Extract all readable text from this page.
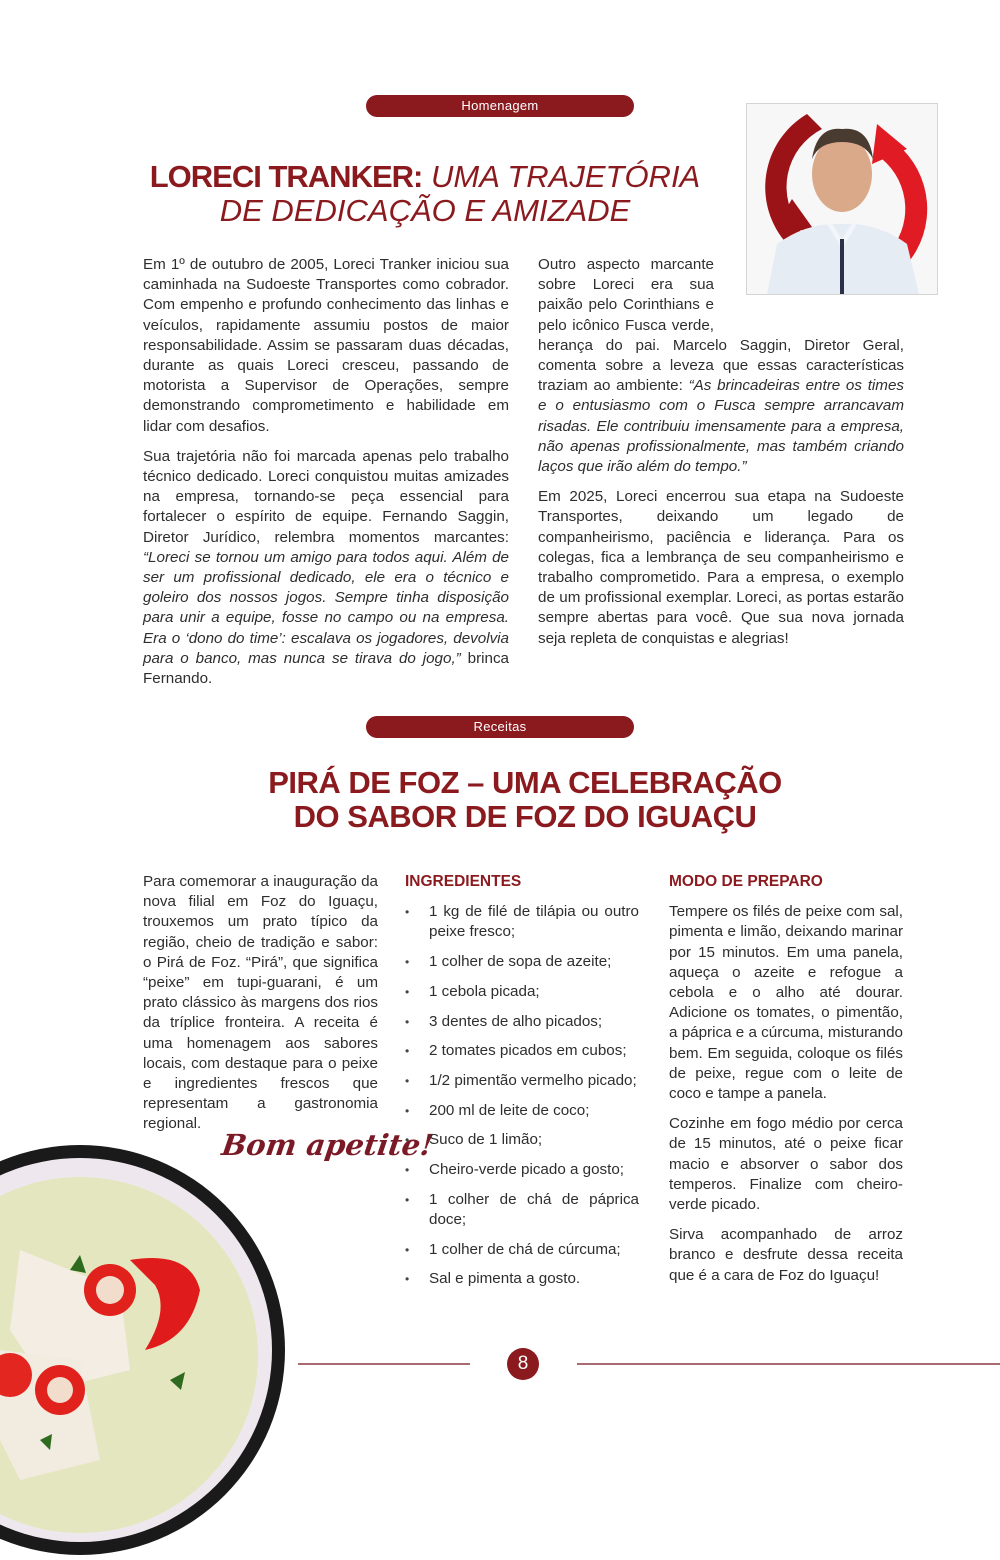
Homenagem
LORECI TRANKER: UMA TRAJETÓRIA
DE DEDICAÇÃO E AMIZADE

Em 1º de outubro de 2005, Loreci Tranker iniciou sua caminhada na Sudoeste Transportes como cobrador. Com empenho e profundo conhecimento das linhas e veículos, rapidamente assumiu postos de maior responsabilidade. Assim se passaram duas décadas, durante as quais Loreci cresceu, passando de motorista a Supervisor de Operações, sempre demonstrando comprometimento e habilidade em lidar com desafios.

Sua trajetória não foi marcada apenas pelo trabalho técnico dedicado. Loreci conquistou muitas amizades na empresa, tornando-se peça essencial para fortalecer o espírito de equipe. Fernando Saggin, Diretor Jurídico, relembra momentos marcantes: “Loreci se tornou um amigo para todos aqui. Além de ser um profissional dedicado, ele era o técnico e goleiro dos nossos jogos. Sempre tinha disposição para unir a equipe, fosse no campo ou na empresa. Era o ‘dono do time’: escalava os jogadores, devolvia para o banco, mas nunca se tirava do jogo,” brinca Fernando.

Outro aspecto marcante sobre Loreci era sua paixão pelo Corinthians e pelo icônico Fusca verde, herança do pai. Marcelo Saggin, Diretor Geral, comenta sobre a leveza que essas características traziam ao ambiente: “As brincadeiras entre os times e o entusiasmo com o Fusca sempre arrancavam risadas. Ele contribuiu imensamente para a empresa, não apenas profissionalmente, mas também criando laços que irão além do tempo.”

Em 2025, Loreci encerrou sua etapa na Sudoeste Transportes, deixando um legado de companheirismo, paciência e liderança. Para os colegas, fica a lembrança de seu companheirismo e trabalho comprometido. Para a empresa, o exemplo de um profissional exemplar. Loreci, as portas estarão sempre abertas para você. Que sua nova jornada seja repleta de conquistas e alegrias!

Receitas
PIRÁ DE FOZ – UMA CELEBRAÇÃO
DO SABOR DE FOZ DO IGUAÇU

Para comemorar a inauguração da nova filial em Foz do Iguaçu, trouxemos um prato típico da região, cheio de tradição e sabor: o Pirá de Foz. “Pirá”, que significa “peixe” em tupi-guarani, é um prato clássico às margens dos rios da tríplice fronteira. A receita é uma homenagem aos sabores locais, com destaque para o peixe e ingredientes frescos que representam a gastronomia regional.

Bom apetite!
INGREDIENTES
• 1 kg de filé de tilápia ou outro peixe fresco;
• 1 colher de sopa de azeite;
• 1 cebola picada;
• 3 dentes de alho picados;
• 2 tomates picados em cubos;
• 1/2 pimentão vermelho picado;
• 200 ml de leite de coco;
• Suco de 1 limão;
• Cheiro-verde picado a gosto;
• 1 colher de chá de páprica doce;
• 1 colher de chá de cúrcuma;
• Sal e pimenta a gosto.
MODO DE PREPARO

Tempere os filés de peixe com sal, pimenta e limão, deixando marinar por 15 minutos. Em uma panela, aqueça o azeite e refogue a cebola e o alho até dourar. Adicione os tomates, o pimentão, a páprica e a cúrcuma, misturando bem. Em seguida, coloque os filés de peixe, regue com o leite de coco e tampe a panela.

Cozinhe em fogo médio por cerca de 15 minutos, até o peixe ficar macio e absorver o sabor dos temperos. Finalize com cheiro-verde picado.

Sirva acompanhado de arroz branco e desfrute dessa receita que é a cara de Foz do Iguaçu!

8
